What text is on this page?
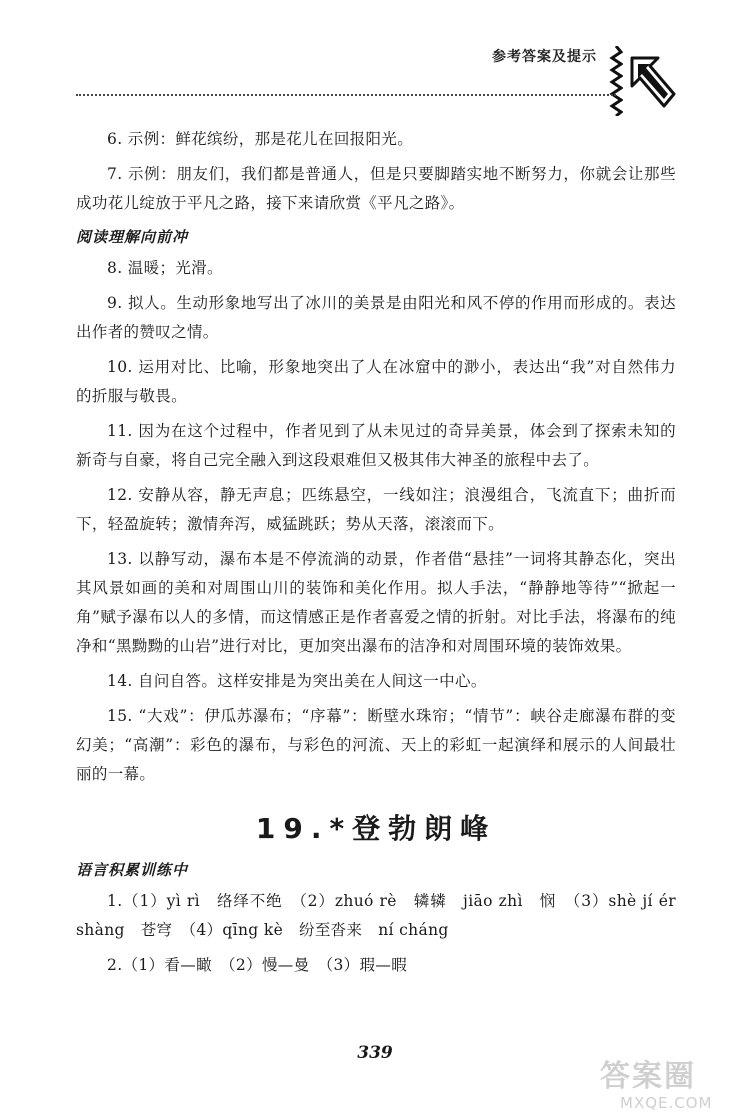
参考答案及提示

6. 示例：鲜花缤纷，那是花儿在回报阳光。

7. 示例：朋友们，我们都是普通人，但是只要脚踏实地不断努力，你就会让那些成功花儿绽放于平凡之路，接下来请欣赏《平凡之路》。

阅读理解向前冲

8. 温暖；光滑。

9. 拟人。生动形象地写出了冰川的美景是由阳光和风不停的作用而形成的。表达出作者的赞叹之情。

10. 运用对比、比喻，形象地突出了人在冰窟中的渺小，表达出“我”对自然伟力的折服与敬畏。

11. 因为在这个过程中，作者见到了从未见过的奇异美景，体会到了探索未知的新奇与自豪，将自己完全融入到这段艰难但又极其伟大神圣的旅程中去了。

12. 安静从容，静无声息；匹练悬空，一线如注；浪漫组合，飞流直下；曲折而下，轻盈旋转；激情奔泻，威猛跳跃；势从天落，滚滚而下。

13. 以静写动，瀑布本是不停流淌的动景，作者借“悬挂”一词将其静态化，突出其风景如画的美和对周围山川的装饰和美化作用。拟人手法，“静静地等待”“掀起一角”赋予瀑布以人的多情，而这情感正是作者喜爱之情的折射。对比手法，将瀑布的纯净和“黑黝黝的山岩”进行对比，更加突出瀑布的洁净和对周围环境的装饰效果。

14. 自问自答。这样安排是为突出美在人间这一中心。

15. “大戏”：伊瓜苏瀑布；“序幕”：断壁水珠帘；“情节”：峡谷走廊瀑布群的变幻美；“高潮”：彩色的瀑布，与彩色的河流、天上的彩虹一起演绎和展示的人间最壮丽的一幕。

19.*登勃朗峰
语言积累训练中

1.（1）yì rì　络绎不绝　（2）zhuó rè　辚辚　jiāo zhì　悯　（3）shè jí ér shàng　苍穹　（4）qīng kè　纷至沓来　ní cháng

2.（1）看—瞰　（2）慢—曼　（3）瑕—暇

339
答案圈
MXQE.COM
